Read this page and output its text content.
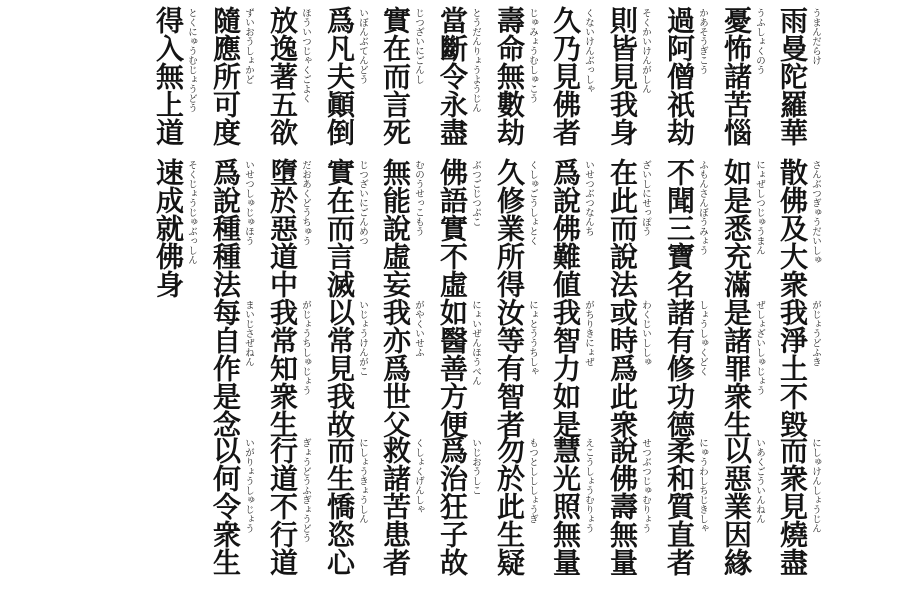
雨曼陀羅華 うまんだらけ
散佛及大衆 さんぶつぎゅうだいしゅ
我淨土不毀 がじょうどふき
而衆見燒盡 にしゅけんしょうじん
憂怖諸苦惱 うふしょくのう
如是悉充滿 にょぜしつじゅうまん
是諸罪衆生 ぜしょざいしゅじょう
以惡業因緣 いあくごういんねん
過阿僧祇劫 かあそうぎこう
不聞三寶名 ふもんさんぼうみょう
諸有修功德 しょうしゅくどく
柔和質直者 にゅうわしちじきしゃ
則皆見我身 そくかいけんがしん
在此而說法 ざいしにせっぽう
或時爲此衆 わくじいししゅ
說佛壽無量 せつぶつじゅむりょう
久乃見佛者 くないけんぶっしゃ
爲說佛難値 いせつぶつなんち
我智力如是 がちりきにょぜ
慧光照無量 えこうしょうむりょう
壽命無數劫 じゅみょうむしゅこう
久修業所得 くしゅごうしょとく
汝等有智者 にょとううちしゃ
勿於此生疑 もつとしししょうぎ
當斷令永盡 とうだんりょうようじん
佛語實不虛 ぶつごじつぷこ
如醫善方便 にょいぜんほうべん
爲治狂子故 いじおうしこ
實在而言死 じつざいにごんし
無能說虛妄 むのうせっこもう
我亦爲世父 がやくいせふ
救諸苦患者 くしょくげんしゃ
爲凡夫顚倒 いぼんぶてんどう
實在而言滅 じつざいにごんめつ
以常見我故 いじょうけんがこ
而生憍恣心 にしょうきょうしん
放逸著五欲 ほういつじゃくごよく
墮於惡道中 だおあくどうちゅう
我常知衆生 がじょうちしゅじょう
行道不行道 ぎょうどうふぎょうどう
隨應所可度 ずいおうしょかど
爲說種種法 いせつしゅじゅほう
每自作是念 まいじさぜねん
以何令衆生 いがりょうしゅじょう
得入無上道 とくにゅうむじょうどう
速成就佛身 そくじょうじゅぶっしん
